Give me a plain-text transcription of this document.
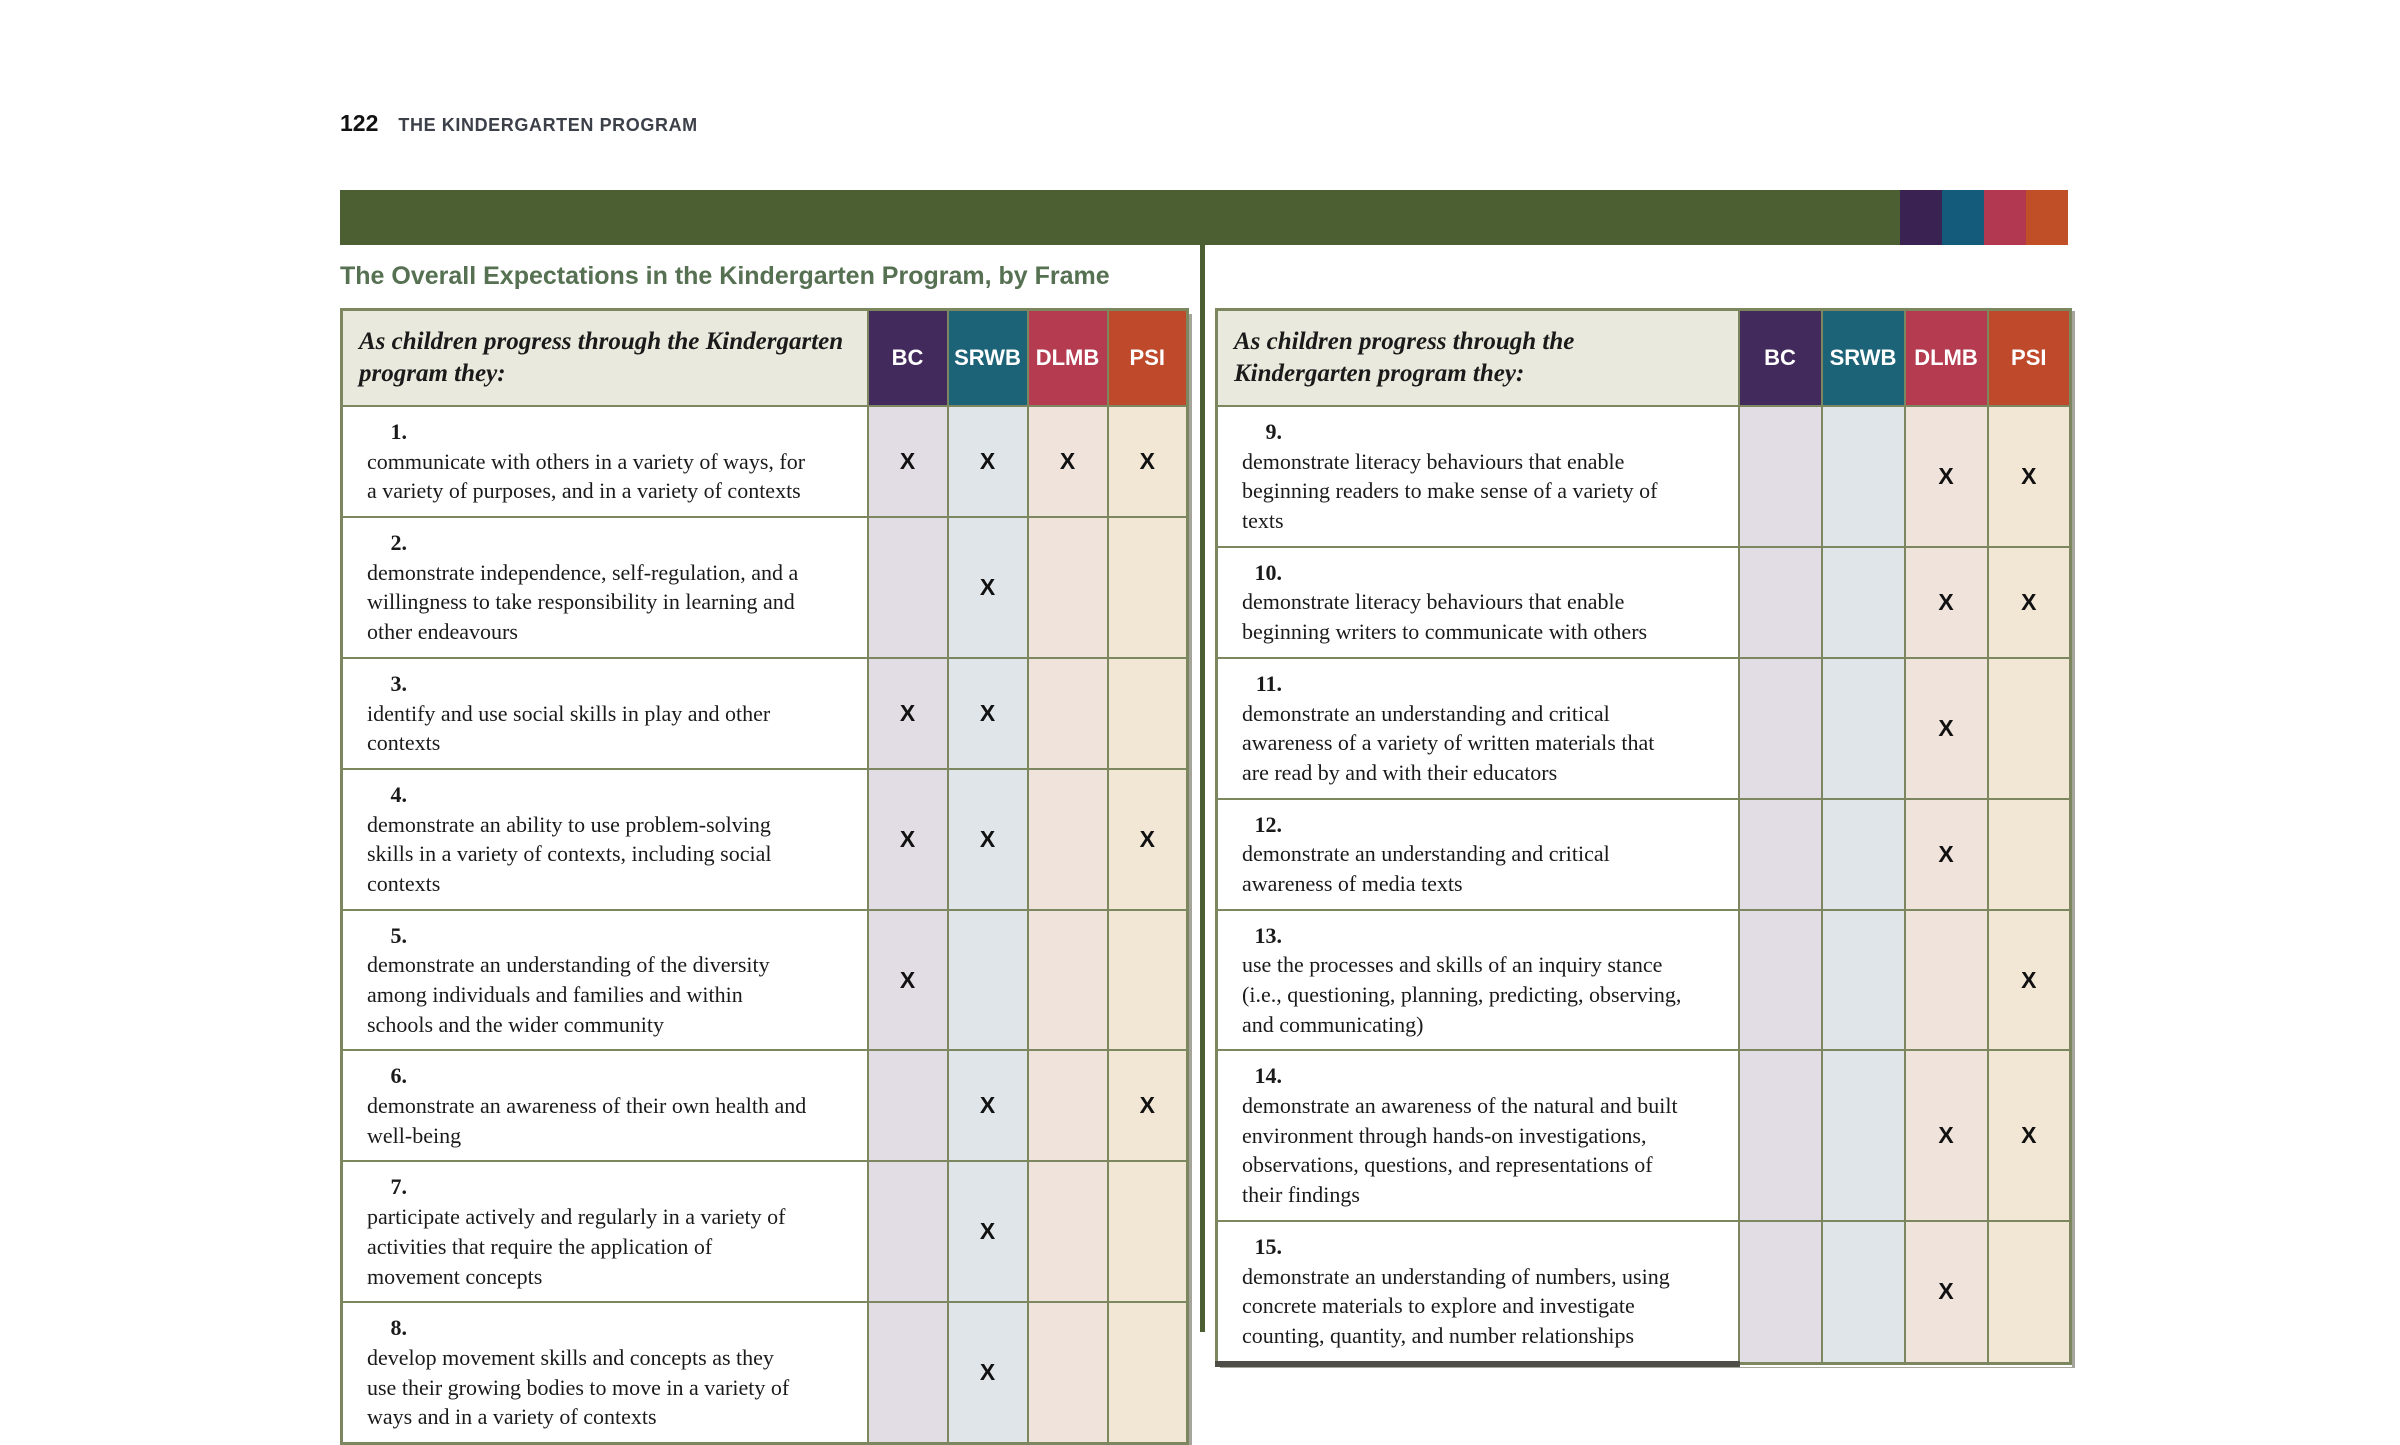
122 THE KINDERGARTEN PROGRAM
The Overall Expectations in the Kindergarten Program, by Frame
As children progress through the Kindergarten program they:	BC	SRWB	DLMB	PSI
1.communicate with others in a variety of ways, for a variety of purposes, and in a variety of contexts	X	X	X	X
2.demonstrate independence, self-regulation, and a willingness to take responsibility in learning and other endeavours		X		
3.identify and use social skills in play and other contexts	X	X		
4.demonstrate an ability to use problem-solving skills in a variety of contexts, including social contexts	X	X		X
5.demonstrate an understanding of the diversity among individuals and families and within schools and the wider community	X			
6.demonstrate an awareness of their own health and well-being		X		X
7.participate actively and regularly in a variety of activities that require the application of movement concepts		X		
8.develop movement skills and concepts as they use their growing bodies to move in a variety of ways and in a variety of contexts		X		
As children progress through the Kindergarten program they:	BC	SRWB	DLMB	PSI
9.demonstrate literacy behaviours that enable beginning readers to make sense of a variety of texts			X	X
10.demonstrate literacy behaviours that enable beginning writers to communicate with others			X	X
11.demonstrate an understanding and critical awareness of a variety of written materials that are read by and with their educators			X	
12.demonstrate an understanding and critical awareness of media texts			X	
13.use the processes and skills of an inquiry stance (i.e., questioning, planning, predicting, observing, and communicating)				X
14.demonstrate an awareness of the natural and built environment through hands-on investigations, observations, questions, and representations of their findings			X	X
15.demonstrate an understanding of numbers, using concrete materials to explore and investigate counting, quantity, and number relationships			X	
